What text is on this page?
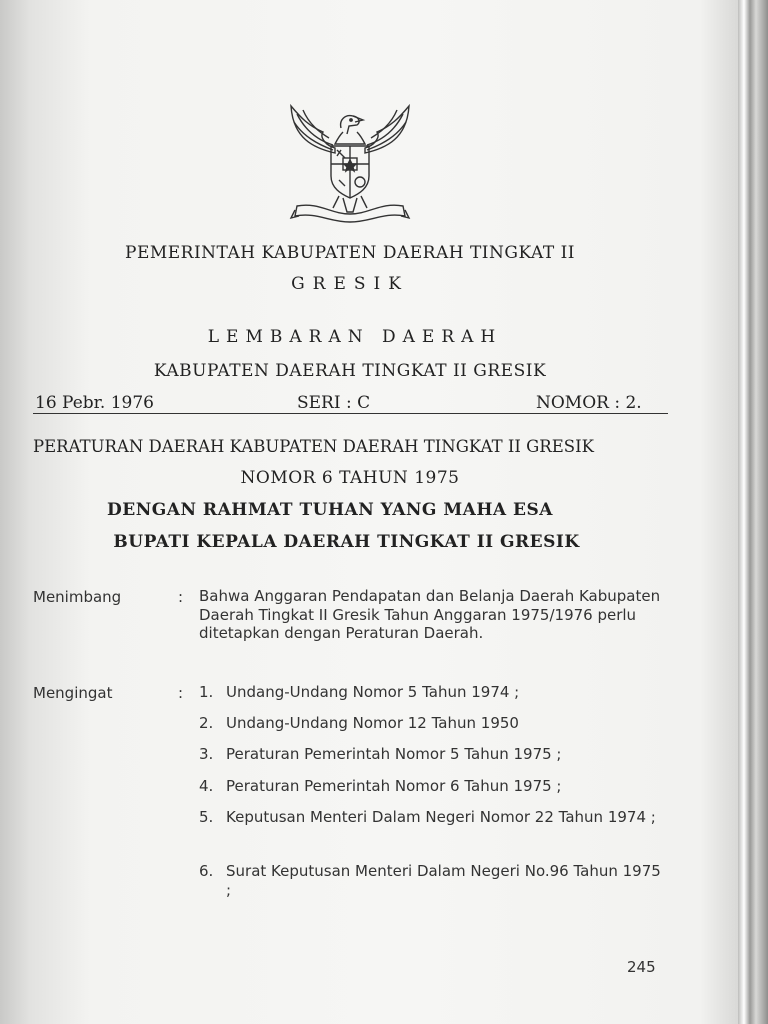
PEMERINTAH KABUPATEN DAERAH TINGKAT II
GRESIK
LEMBARAN DAERAH
KABUPATEN DAERAH TINGKAT II GRESIK
16 Pebr. 1976	SERI : C	NOMOR : 2.
PERATURAN DAERAH KABUPATEN DAERAH TINGKAT II GRESIK
NOMOR 6 TAHUN 1975
DENGAN RAHMAT TUHAN YANG MAHA ESA
BUPATI KEPALA DAERAH TINGKAT II GRESIK
Menimbang	: Bahwa Anggaran Pendapatan dan Belanja Daerah Kabupaten Daerah Tingkat II Gresik Tahun Anggaran 1975/1976 perlu ditetapkan dengan Peraturan Daerah.
Mengingat	: 1. Undang-Undang Nomor 5 Tahun 1974 ;
2. Undang-Undang Nomor 12 Tahun 1950
3. Peraturan Pemerintah Nomor 5 Tahun 1975 ;
4. Peraturan Pemerintah Nomor 6 Tahun 1975 ;
5. Keputusan Menteri Dalam Negeri Nomor 22 Tahun 1974 ;
6. Surat Keputusan Menteri Dalam Negeri No.96 Tahun 1975 ;
245
